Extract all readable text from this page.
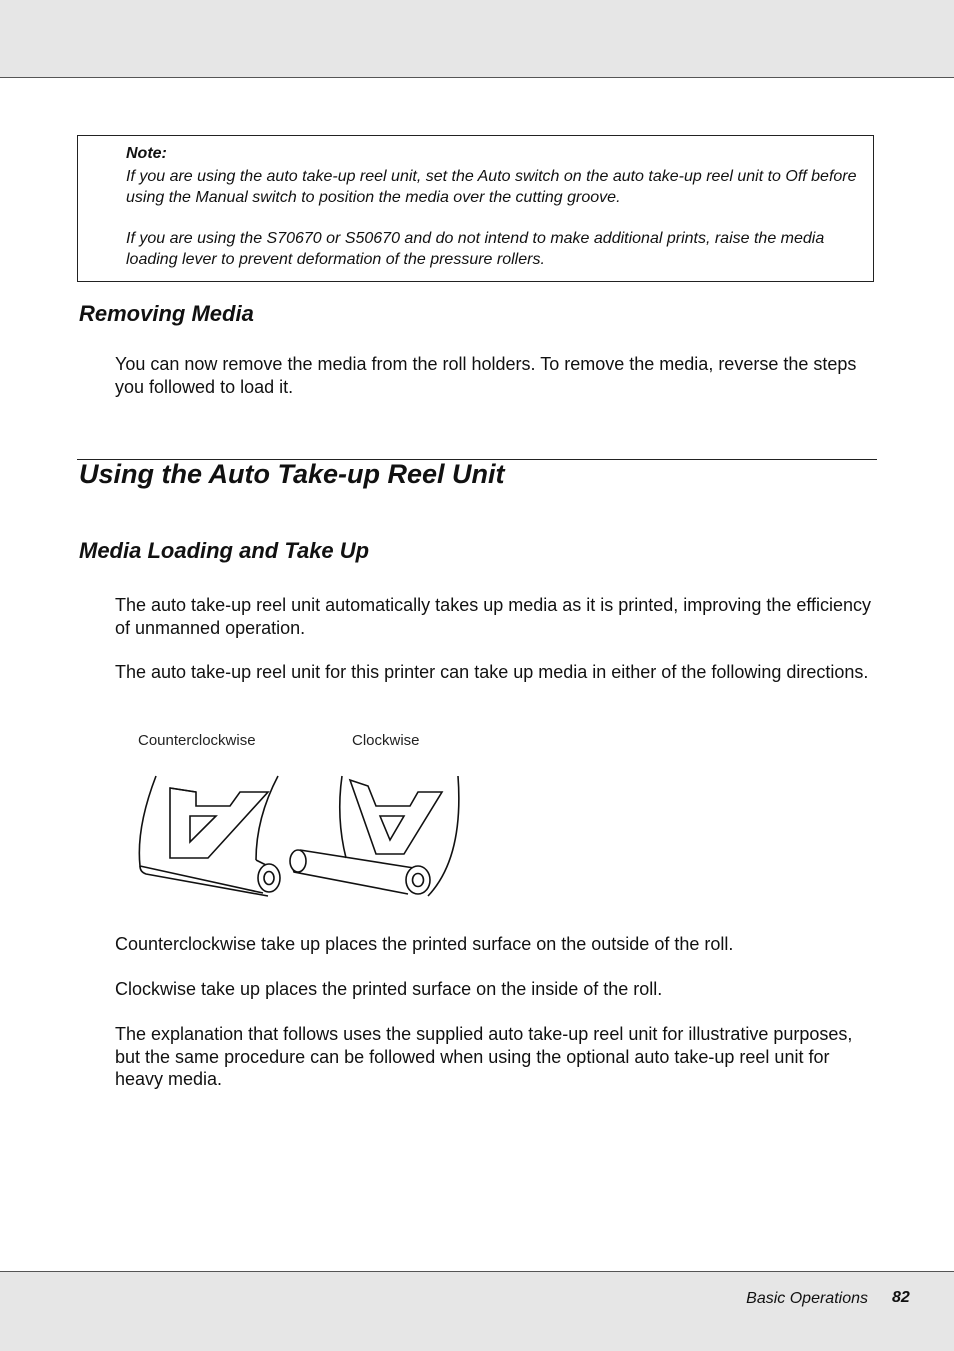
Note:
If you are using the auto take-up reel unit, set the Auto switch on the auto take-up reel unit to Off before using the Manual switch to position the media over the cutting groove.
If you are using the S70670 or S50670 and do not intend to make additional prints, raise the media loading lever to prevent deformation of the pressure rollers.
Removing Media
You can now remove the media from the roll holders. To remove the media, reverse the steps you followed to load it.
Using the Auto Take-up Reel Unit
Media Loading and Take Up
The auto take-up reel unit automatically takes up media as it is printed, improving the efficiency of unmanned operation.
The auto take-up reel unit for this printer can take up media in either of the following directions.
Counterclockwise	Clockwise
Counterclockwise take up places the printed surface on the outside of the roll.
Clockwise take up places the printed surface on the inside of the roll.
The explanation that follows uses the supplied auto take-up reel unit for illustrative purposes, but the same procedure can be followed when using the optional auto take-up reel unit for heavy media.
Basic Operations 82
